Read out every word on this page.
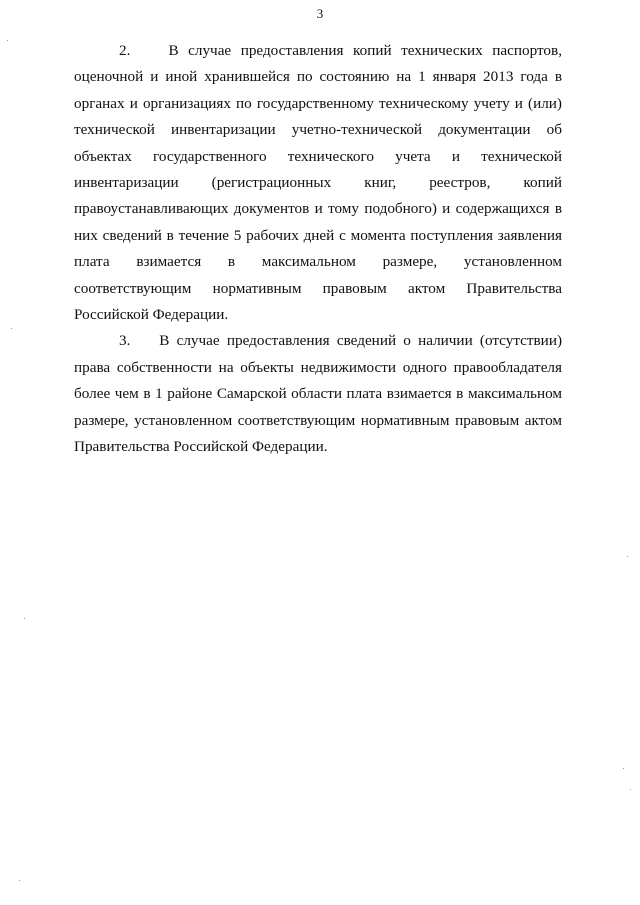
3

2.	В случае предоставления копий технических паспортов, оценочной и иной хранившейся по состоянию на 1 января 2013 года в органах и организациях по государственному техническому учету и (или) технической инвентаризации учетно-технической документации об объектах государственного технического учета и технической инвентаризации (регистрационных книг, реестров, копий правоустанавливающих документов и тому подобного) и содержащихся в них сведений в течение 5 рабочих дней с момента поступления заявления плата взимается в максимальном размере, установленном соответствующим нормативным правовым актом Правительства Российской Федерации.

3. В случае предоставления сведений о наличии (отсутствии) права собственности на объекты недвижимости одного правообладателя более чем в 1 районе Самарской области плата взимается в максимальном размере, установленном соответствующим нормативным правовым актом Правительства Российской Федерации.
